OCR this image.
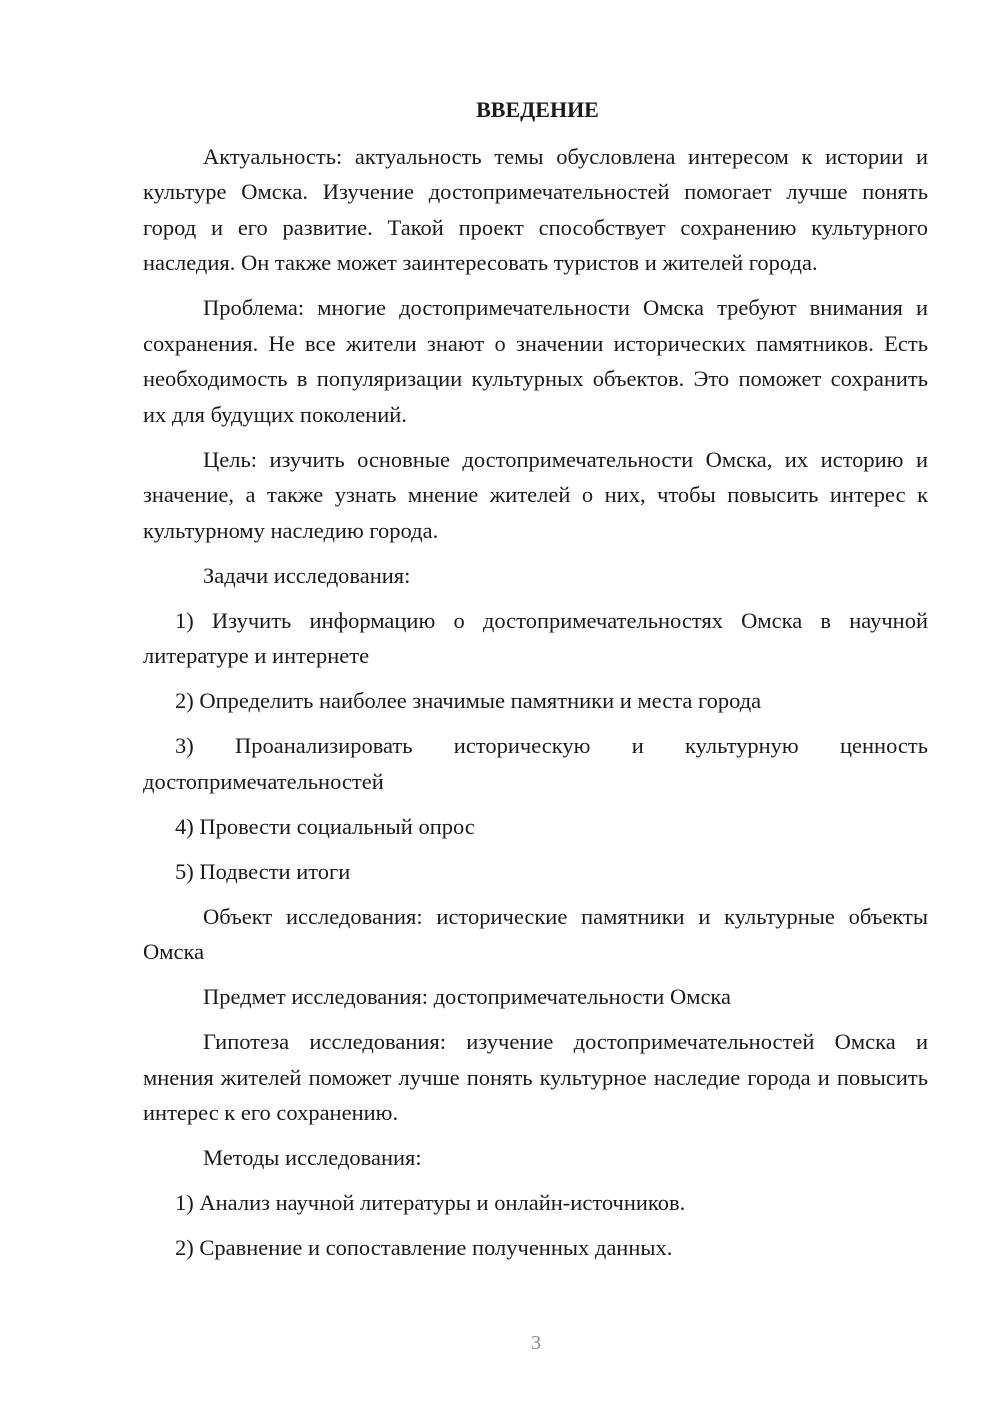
ВВЕДЕНИЕ

Актуальность: актуальность темы обусловлена интересом к истории и культуре Омска. Изучение достопримечательностей помогает лучше понять город и его развитие. Такой проект способствует сохранению культурного наследия. Он также может заинтересовать туристов и жителей города.

Проблема: многие достопримечательности Омска требуют внимания и сохранения. Не все жители знают о значении исторических памятников. Есть необходимость в популяризации культурных объектов. Это поможет сохранить их для будущих поколений.

Цель: изучить основные достопримечательности Омска, их историю и значение, а также узнать мнение жителей о них, чтобы повысить интерес к культурному наследию города.

Задачи исследования:

1) Изучить информацию о достопримечательностях Омска в научной литературе и интернете

2) Определить наиболее значимые памятники и места города

3) Проанализировать историческую и культурную ценность достопримечательностей

4) Провести социальный опрос

5) Подвести итоги

Объект исследования: исторические памятники и культурные объекты Омска

Предмет исследования: достопримечательности Омска

Гипотеза исследования: изучение достопримечательностей Омска и мнения жителей поможет лучше понять культурное наследие города и повысить интерес к его сохранению.

Методы исследования:

1) Анализ научной литературы и онлайн-источников.

2) Сравнение и сопоставление полученных данных.

3
